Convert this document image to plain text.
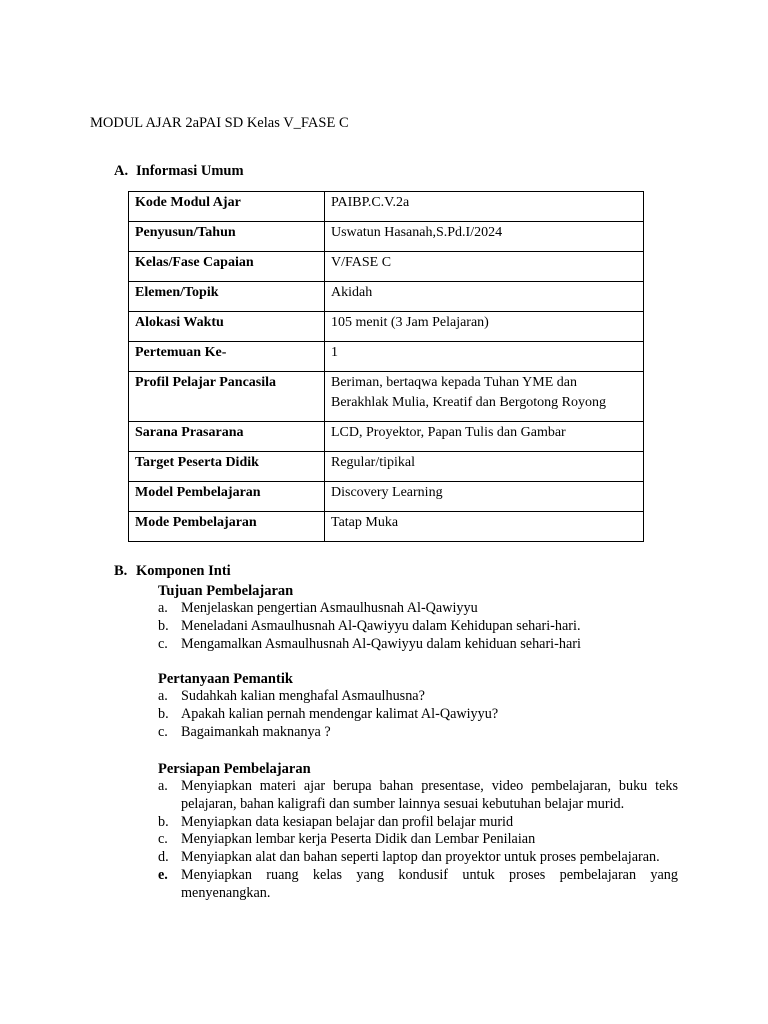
MODUL AJAR 2aPAI SD Kelas V_FASE C
A. Informasi Umum
Kode Modul Ajar	PAIBP.C.V.2a
Penyusun/Tahun	Uswatun Hasanah,S.Pd.I/2024
Kelas/Fase Capaian	V/FASE C
Elemen/Topik	Akidah
Alokasi Waktu	105 menit (3 Jam Pelajaran)
Pertemuan Ke-	1
Profil Pelajar Pancasila	Beriman, bertaqwa kepada Tuhan YME dan Berakhlak Mulia, Kreatif dan Bergotong Royong
Sarana Prasarana	LCD, Proyektor, Papan Tulis dan Gambar
Target Peserta Didik	Regular/tipikal
Model Pembelajaran	Discovery Learning
Mode Pembelajaran	Tatap Muka
B. Komponen Inti
Tujuan Pembelajaran
a. Menjelaskan pengertian Asmaulhusnah Al-Qawiyyu
b. Meneladani Asmaulhusnah Al-Qawiyyu dalam Kehidupan sehari-hari.
c. Mengamalkan Asmaulhusnah Al-Qawiyyu dalam kehiduan sehari-hari
Pertanyaan Pemantik
a. Sudahkah kalian menghafal Asmaulhusna?
b. Apakah kalian pernah mendengar kalimat Al-Qawiyyu?
c. Bagaimankah maknanya ?
Persiapan Pembelajaran
a. Menyiapkan materi ajar berupa bahan presentase, video pembelajaran, buku teks pelajaran, bahan kaligrafi dan sumber lainnya sesuai kebutuhan belajar murid.
b. Menyiapkan data kesiapan belajar dan profil belajar murid
c. Menyiapkan lembar kerja Peserta Didik dan Lembar Penilaian
d. Menyiapkan alat dan bahan seperti laptop dan proyektor untuk proses pembelajaran.
e. Menyiapkan ruang kelas yang kondusif untuk proses pembelajaran yang menyenangkan.
